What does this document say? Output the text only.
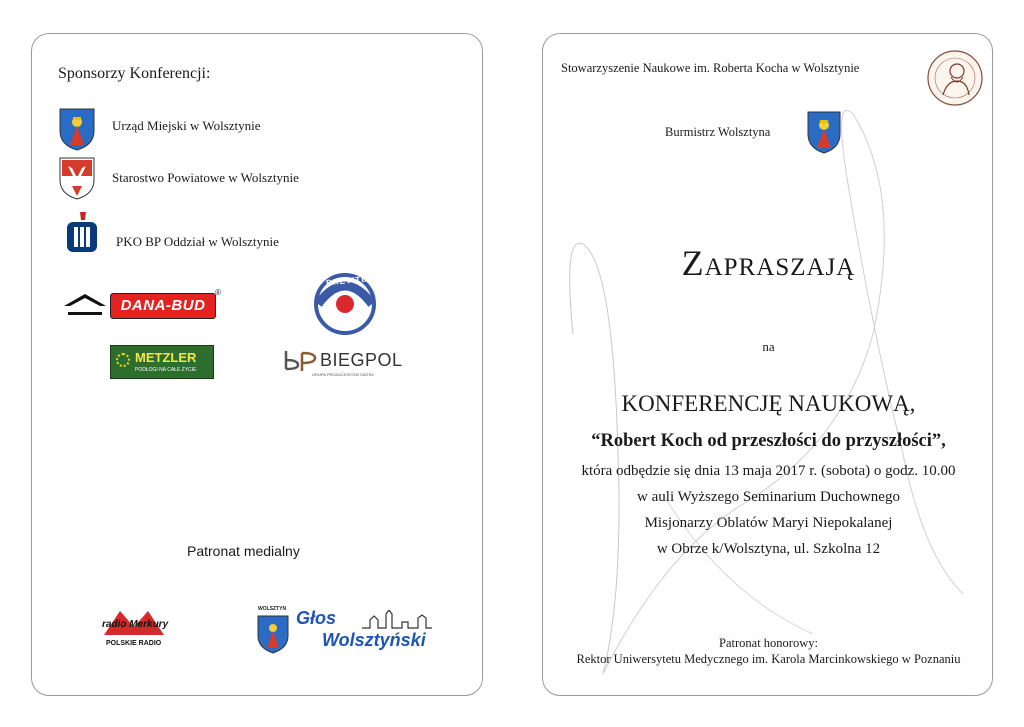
Sponsorzy Konferencji:
Urząd Miejski w Wolsztynie
Starostwo Powiatowe w Wolsztynie
PKO BP Oddział w Wolsztynie
DANA-BUD
®
BREVITER
METZLER
PODŁOGI NA CAŁE ŻYCIE	BIEGPOL
GRUPA PRODUCENTÓW SIATEK
Patronat medialny
radio Merkury
POLSKIE RADIO
WOLSZTYN Głos
Wolsztyński
Stowarzyszenie Naukowe im. Roberta Kocha w Wolsztynie
Burmistrz Wolsztyna
Zapraszają
na
KONFERENCJĘ NAUKOWĄ,
“Robert Koch od przeszłości do przyszłości”,
która odbędzie się dnia 13 maja 2017 r. (sobota) o godz. 10.00
w auli Wyższego Seminarium Duchownego
Misjonarzy Oblatów Maryi Niepokalanej
w Obrze k/Wolsztyna, ul. Szkolna 12
Patronat honorowy:
Rektor Uniwersytetu Medycznego im. Karola Marcinkowskiego w Poznaniu
